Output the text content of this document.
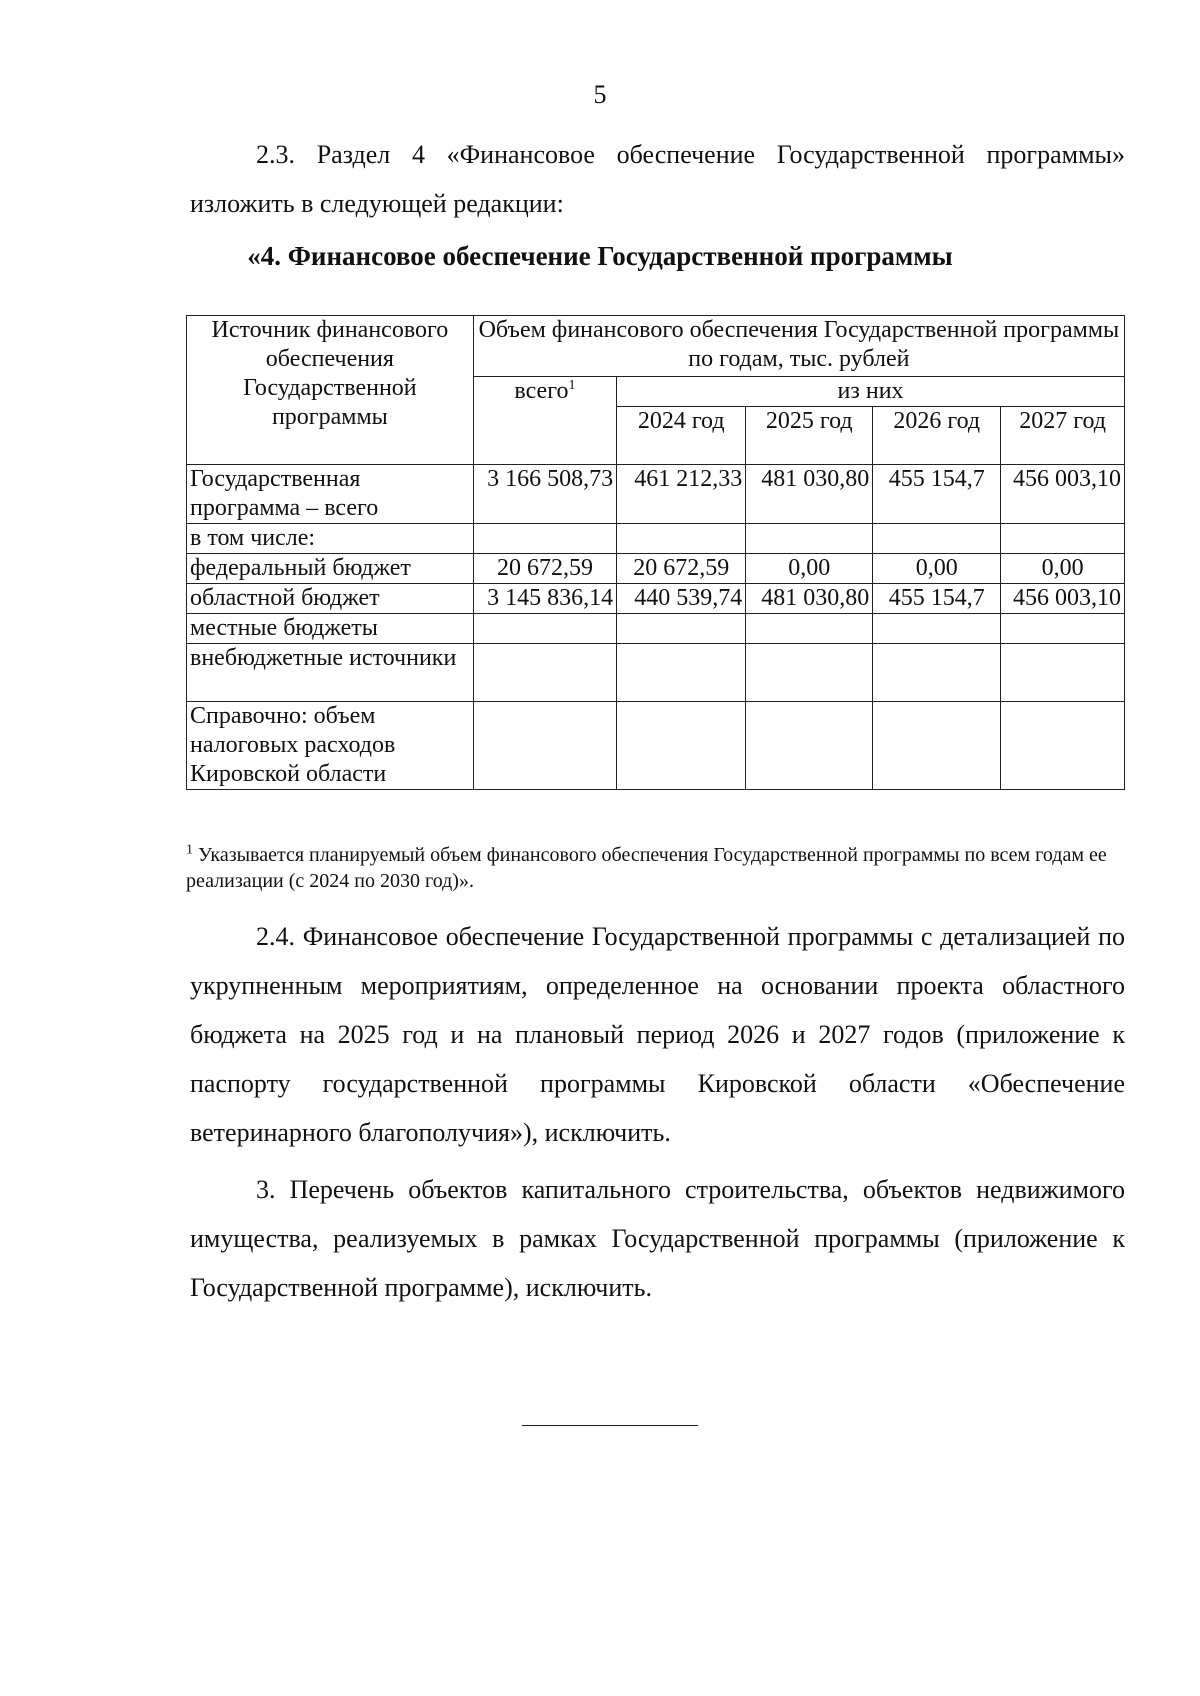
5

2.3. Раздел 4 «Финансовое обеспечение Государственной программы» изложить в следующей редакции:

«4. Финансовое обеспечение Государственной программы
Источник финансового обеспечения Государственной программы	Объем финансового обеспечения Государственной программы по годам, тыс. рублей				
	всего$^1$	из них			
		2024 год	2025 год	2026 год	2027 год
Государственная программа – всего	3 166 508,73	461 212,33	481 030,80	455 154,7	456 003,10
в том числе:					
федеральный бюджет	20 672,59	20 672,59	0,00	0,00	0,00
областной бюджет	3 145 836,14	440 539,74	481 030,80	455 154,7	456 003,10
местные бюджеты					
внебюджетные источники					
Справочно: объем налоговых расходов Кировской области					

$^1$ Указывается планируемый объем финансового обеспечения Государственной программы по всем годам ее реализации (с 2024 по 2030 год)».

2.4. Финансовое обеспечение Государственной программы с детализацией по укрупненным мероприятиям, определенное на основании проекта областного бюджета на 2025 год и на плановый период 2026 и 2027 годов (приложение к паспорту государственной программы Кировской области «Обеспечение ветеринарного благополучия»), исключить.

3. Перечень объектов капитального строительства, объектов недвижимого имущества, реализуемых в рамках Государственной программы (приложение к Государственной программе), исключить.
